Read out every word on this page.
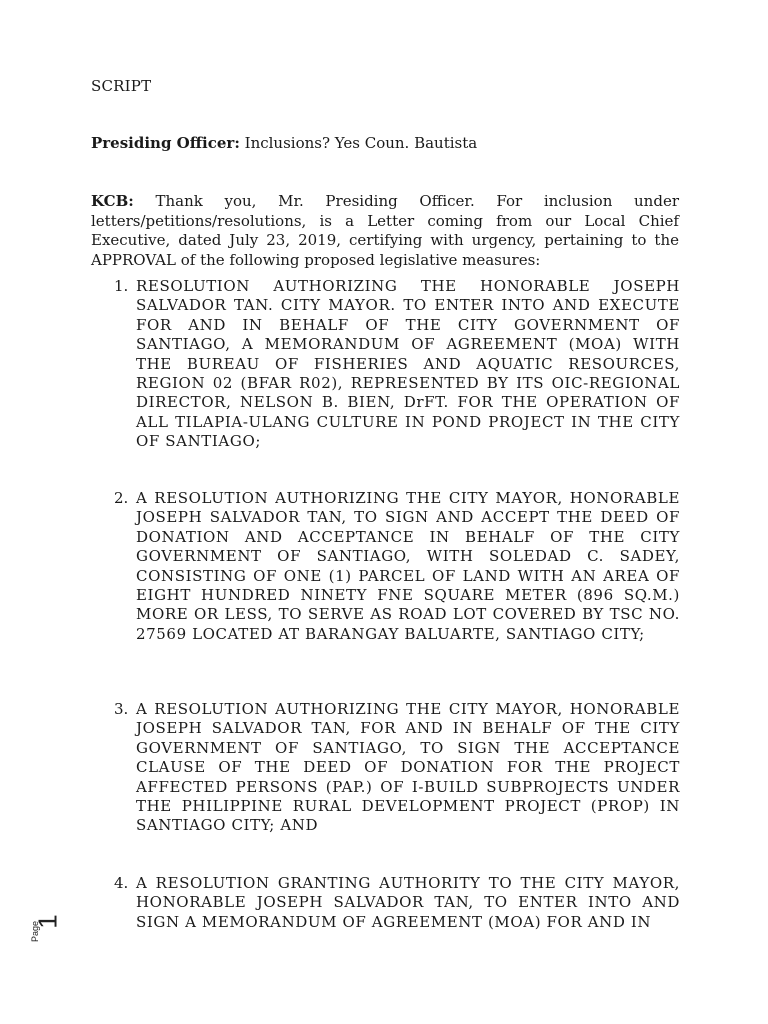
SCRIPT
Presiding Officer: Inclusions? Yes Coun. Bautista
KCB: Thank you, Mr. Presiding Officer. For inclusion under letters/petitions/resolutions, is a Letter coming from our Local Chief Executive, dated July 23, 2019, certifying with urgency, pertaining to the APPROVAL of the following proposed legislative measures:
1. RESOLUTION AUTHORIZING THE HONORABLE JOSEPH SALVADOR TAN. CITY MAYOR. TO ENTER INTO AND EXECUTE FOR AND IN BEHALF OF THE CITY GOVERNMENT OF SANTIAGO, A MEMORANDUM OF AGREEMENT (MOA) WITH THE BUREAU OF FISHERIES AND AQUATIC RESOURCES, REGION 02 (BFAR R02), REPRESENTED BY ITS OIC-REGIONAL DIRECTOR, NELSON B. BIEN, DrFT. FOR THE OPERATION OF ALL TILAPIA-ULANG CULTURE IN POND PROJECT IN THE CITY OF SANTIAGO;
2. A RESOLUTION AUTHORIZING THE CITY MAYOR, HONORABLE JOSEPH SALVADOR TAN, TO SIGN AND ACCEPT THE DEED OF DONATION AND ACCEPTANCE IN BEHALF OF THE CITY GOVERNMENT OF SANTIAGO, WITH SOLEDAD C. SADEY, CONSISTING OF ONE (1) PARCEL OF LAND WITH AN AREA OF EIGHT HUNDRED NINETY FNE SQUARE METER (896 SQ.M.) MORE OR LESS, TO SERVE AS ROAD LOT COVERED BY TSC NO. 27569 LOCATED AT BARANGAY BALUARTE, SANTIAGO CITY;
3. A RESOLUTION AUTHORIZING THE CITY MAYOR, HONORABLE JOSEPH SALVADOR TAN, FOR AND IN BEHALF OF THE CITY GOVERNMENT OF SANTIAGO, TO SIGN THE ACCEPTANCE CLAUSE OF THE DEED OF DONATION FOR THE PROJECT AFFECTED PERSONS (PAP.) OF I-BUILD SUBPROJECTS UNDER THE PHILIPPINE RURAL DEVELOPMENT PROJECT (PROP) IN SANTIAGO CITY; AND
4. A RESOLUTION GRANTING AUTHORITY TO THE CITY MAYOR, HONORABLE JOSEPH SALVADOR TAN, TO ENTER INTO AND SIGN A MEMORANDUM OF AGREEMENT (MOA) FOR AND IN
Page
1
